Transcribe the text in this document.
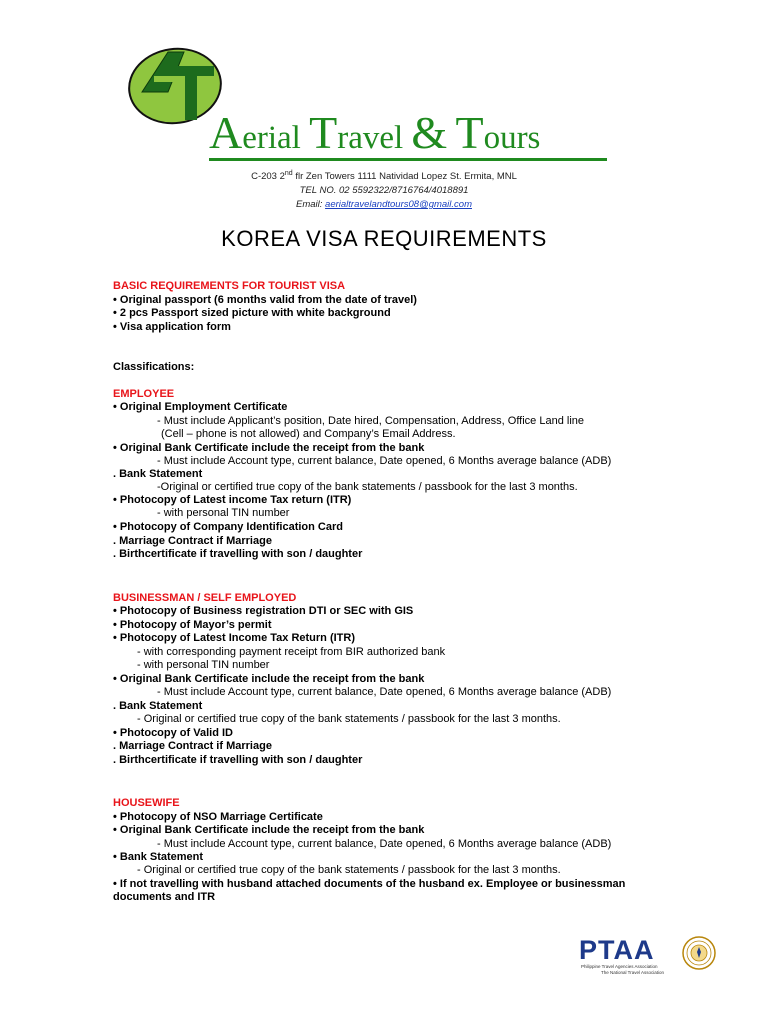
Aerial Travel & Tours
C-203 2nd flr Zen Towers 1111 Natividad Lopez St. Ermita, MNL
TEL NO. 02 5592322/8716764/4018891
Email: aerialtravelandtours08@gmail.com
KOREA VISA REQUIREMENTS
BASIC REQUIREMENTS FOR TOURIST VISA
• Original passport (6 months valid from the date of travel)
• 2 pcs Passport sized picture with white background
• Visa application form
Classifications:
EMPLOYEE
• Original Employment Certificate
- Must include Applicant’s position, Date hired, Compensation, Address, Office Land line
(Cell – phone is not allowed) and Company’s Email Address.
• Original Bank Certificate include the receipt from the bank
- Must include Account type, current balance, Date opened, 6 Months average balance (ADB)
. Bank Statement
-Original or certified true copy of the bank statements / passbook for the last 3 months.
• Photocopy of Latest income Tax return (ITR)
- with personal TIN number
• Photocopy of Company Identification Card
. Marriage Contract if Marriage
. Birthcertificate if travelling with son / daughter
BUSINESSMAN / SELF EMPLOYED
• Photocopy of Business registration DTI or SEC with GIS
• Photocopy of Mayor’s permit
• Photocopy of Latest Income Tax Return (ITR)
- with corresponding payment receipt from BIR authorized bank
- with personal TIN number
• Original Bank Certificate include the receipt from the bank
- Must include Account type, current balance, Date opened, 6 Months average balance (ADB)
. Bank Statement
- Original or certified true copy of the bank statements / passbook for the last 3 months.
• Photocopy of Valid ID
. Marriage Contract if Marriage
. Birthcertificate if travelling with son / daughter
HOUSEWIFE
• Photocopy of NSO Marriage Certificate
• Original Bank Certificate include the receipt from the bank
- Must include Account type, current balance, Date opened, 6 Months average balance (ADB)
• Bank Statement
- Original or certified true copy of the bank statements / passbook for the last 3 months.
• If not travelling with husband attached documents of the husband ex. Employee or businessman
documents and ITR
PTAA
Philippine Travel Agencies Association
The National Travel Association
